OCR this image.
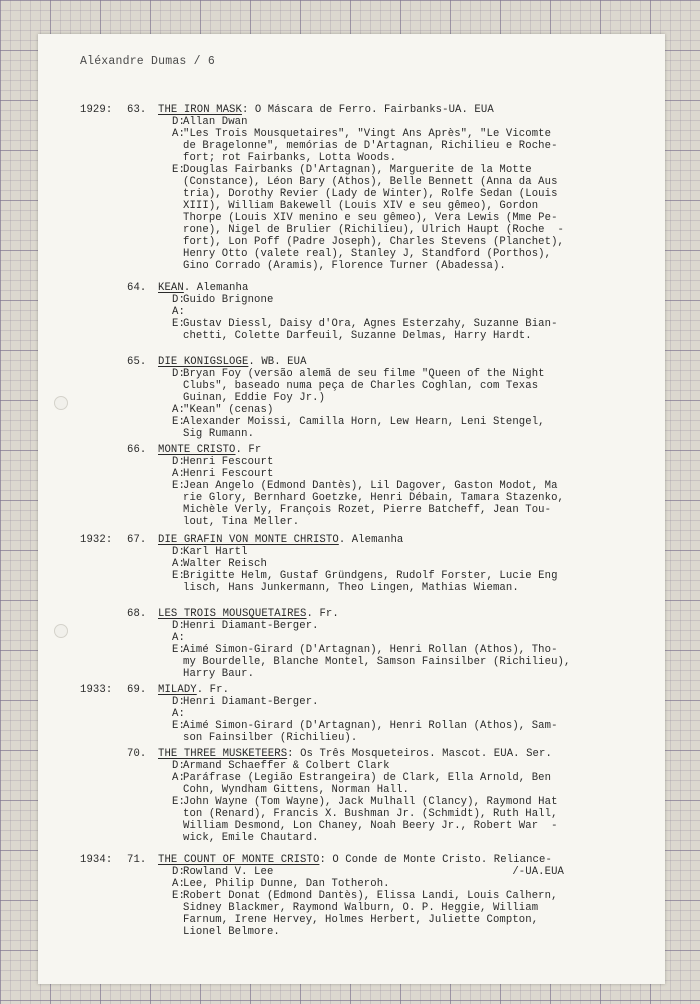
Aléxandre Dumas / 6
1929: 63. THE IRON MASK: O Máscara de Ferro. Fairbanks-UA. EUA
D:
Allan Dwan
A:
"Les Trois Mousquetaires", "Vingt Ans Après", "Le Vicomte
de Bragelonne", memórias de D'Artagnan, Richilieu e Roche-
fort; rot Fairbanks, Lotta Woods.
E:
Douglas Fairbanks (D'Artagnan), Marguerite de la Motte
(Constance), Léon Bary (Athos), Belle Bennett (Anna da Aus
tria), Dorothy Revier (Lady de Winter), Rolfe Sedan (Louis
XIII), William Bakewell (Louis XIV e seu gêmeo), Gordon
Thorpe (Louis XIV menino e seu gêmeo), Vera Lewis (Mme Pe-
rone), Nigel de Brulier (Richilieu), Ulrich Haupt (Roche  -
fort), Lon Poff (Padre Joseph), Charles Stevens (Planchet),
Henry Otto (valete real), Stanley J, Standford (Porthos),
Gino Corrado (Aramis), Florence Turner (Abadessa).
64. KEAN. Alemanha
D:
Guido Brignone
A:
E:
Gustav Diessl, Daisy d'Ora, Agnes Esterzahy, Suzanne Bian-
chetti, Colette Darfeuil, Suzanne Delmas, Harry Hardt.
65. DIE KONIGSLOGE. WB. EUA
D:
Bryan Foy (versão alemã de seu filme "Queen of the Night
Clubs", baseado numa peça de Charles Coghlan, com Texas
Guinan, Eddie Foy Jr.)
A:
"Kean" (cenas)
E:
Alexander Moissi, Camilla Horn, Lew Hearn, Leni Stengel,
Sig Rumann.
66. MONTE CRISTO. Fr
D:
Henri Fescourt
A:
Henri Fescourt
E:
Jean Angelo (Edmond Dantès), Lil Dagover, Gaston Modot, Ma
rie Glory, Bernhard Goetzke, Henri Débain, Tamara Stazenko,
Michèle Verly, François Rozet, Pierre Batcheff, Jean Tou-
lout, Tina Meller.
1932: 67. DIE GRAFIN VON MONTE CHRISTO. Alemanha
D:
Karl Hartl
A:
Walter Reisch
E:
Brigitte Helm, Gustaf Gründgens, Rudolf Forster, Lucie Eng
lisch, Hans Junkermann, Theo Lingen, Mathias Wieman.
68. LES TROIS MOUSQUETAIRES. Fr.
D:
Henri Diamant-Berger.
A:
E:
Aimé Simon-Girard (D'Artagnan), Henri Rollan (Athos), Tho-
my Bourdelle, Blanche Montel, Samson Fainsilber (Richilieu),
Harry Baur.
1933: 69. MILADY. Fr.
D:
Henri Diamant-Berger.
A:
E:
Aimé Simon-Girard (D'Artagnan), Henri Rollan (Athos), Sam-
son Fainsilber (Richilieu).
70. THE THREE MUSKETEERS: Os Três Mosqueteiros. Mascot. EUA. Ser.
D:
Armand Schaeffer & Colbert Clark
A:
Paráfrase (Legião Estrangeira) de Clark, Ella Arnold, Ben
Cohn, Wyndham Gittens, Norman Hall.
E:
John Wayne (Tom Wayne), Jack Mulhall (Clancy), Raymond Hat
ton (Renard), Francis X. Bushman Jr. (Schmidt), Ruth Hall,
William Desmond, Lon Chaney, Noah Beery Jr., Robert War  -
wick, Emile Chautard.
1934: 71. THE COUNT OF MONTE CRISTO: O Conde de Monte Cristo. Reliance-
D:
Rowland V. Lee                                     /-UA.EUA
A:
Lee, Philip Dunne, Dan Totheroh.
E:
Robert Donat (Edmond Dantès), Elissa Landi, Louis Calhern,
Sidney Blackmer, Raymond Walburn, O. P. Heggie, William
Farnum, Irene Hervey, Holmes Herbert, Juliette Compton,
Lionel Belmore.
